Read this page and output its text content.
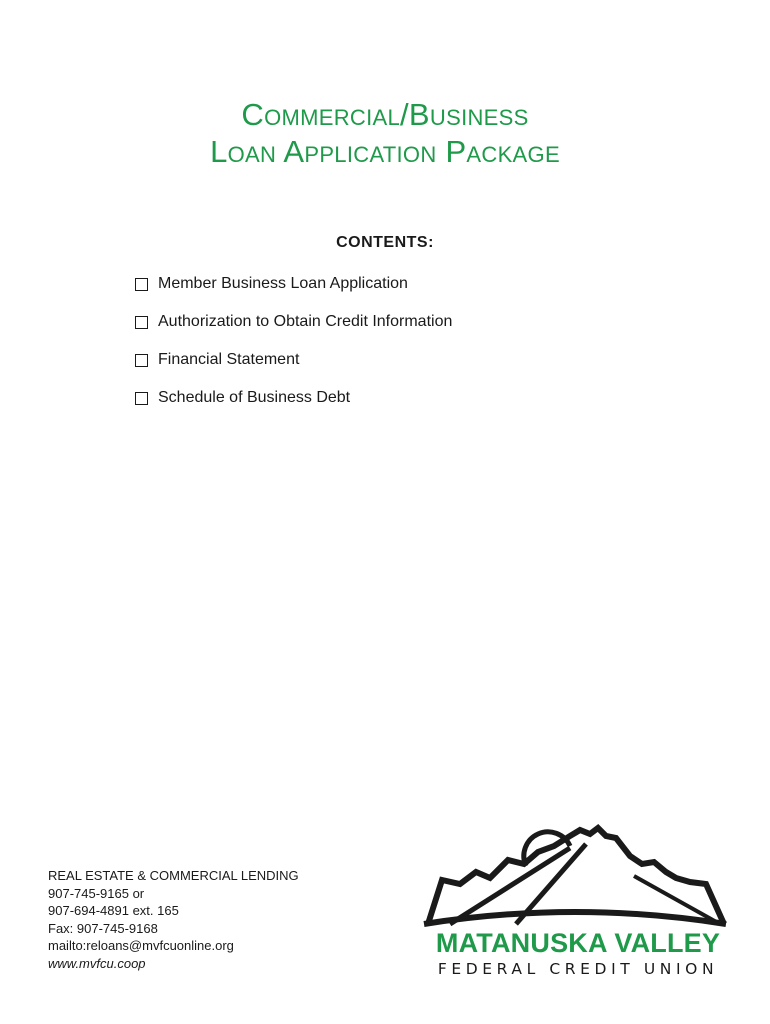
Commercial/Business
Loan Application Package
CONTENTS:
Member Business Loan Application
Authorization to Obtain Credit Information
Financial Statement
Schedule of Business Debt
REAL ESTATE & COMMERCIAL LENDING
907-745-9165 or
907-694-4891 ext. 165
Fax: 907-745-9168
mailto:reloans@mvfcuonline.org
www.mvfcu.coop
MATANUSKA VALLEY
FEDERAL CREDIT UNION
